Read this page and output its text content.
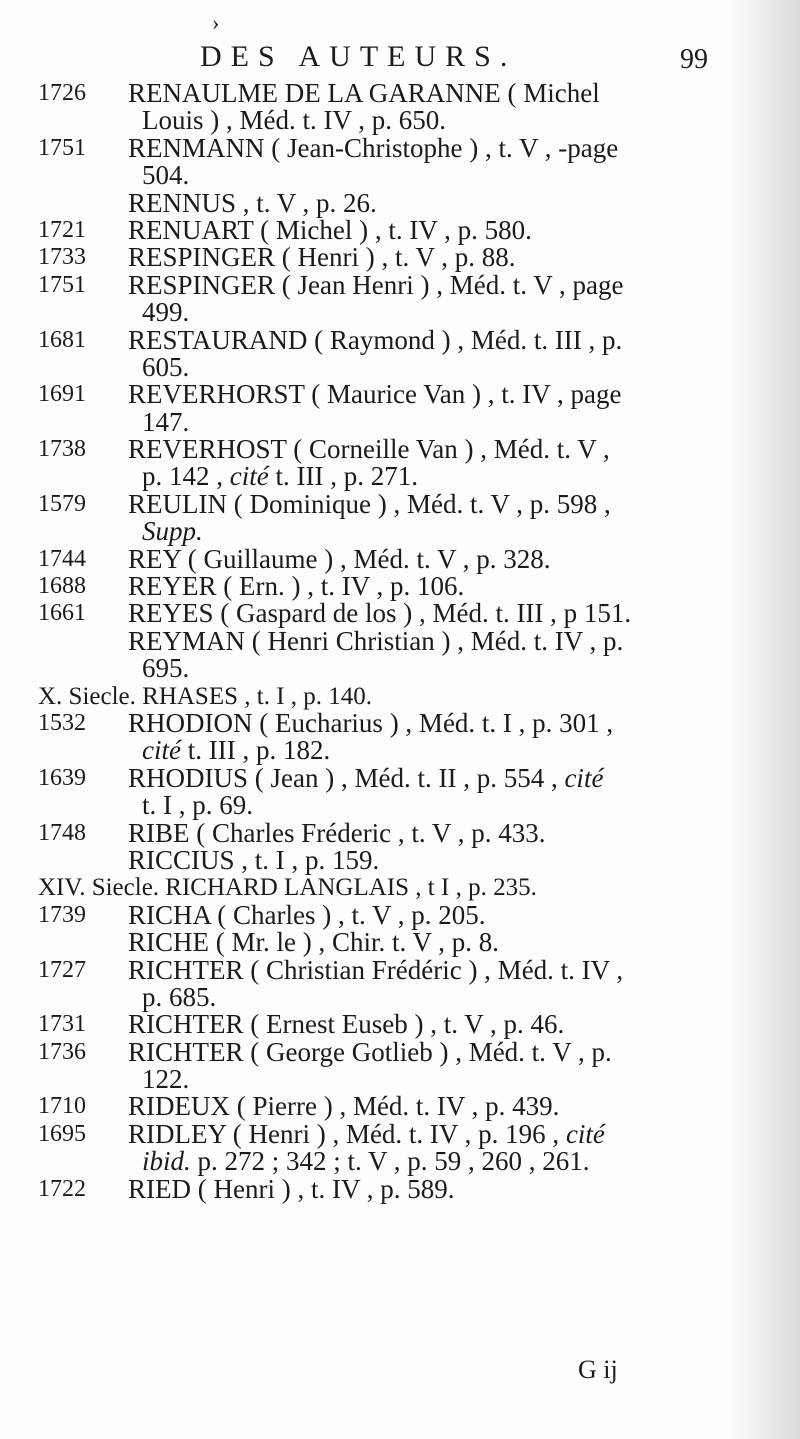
›
DES AUTEURS.	99
1726	RENAULME DE LA GARANNE ( Michel
Louis ) , Méd. t. IV , p. 650.
1751	RENMANN ( Jean-Christophe ) , t. V , -page
504.
RENNUS , t. V , p. 26.
1721	RENUART ( Michel ) , t. IV , p. 580.
1733	RESPINGER ( Henri ) , t. V , p. 88.
1751	RESPINGER ( Jean Henri ) , Méd. t. V , page
499.
1681	RESTAURAND ( Raymond ) , Méd. t. III , p.
605.
1691	REVERHORST ( Maurice Van ) , t. IV , page
147.
1738	REVERHOST ( Corneille Van ) , Méd. t. V ,
p. 142 , cité t. III , p. 271.
1579	REULIN ( Dominique ) , Méd. t. V , p. 598 ,
Supp.
1744	REY ( Guillaume ) , Méd. t. V , p. 328.
1688	REYER ( Ern. ) , t. IV , p. 106.
1661	REYES ( Gaspard de los ) , Méd. t. III , p 151.
REYMAN ( Henri Christian ) , Méd. t. IV , p.
695.
X. Siecle. RHASES , t. I , p. 140.
1532	RHODION ( Eucharius ) , Méd. t. I , p. 301 ,
cité t. III , p. 182.
1639	RHODIUS ( Jean ) , Méd. t. II , p. 554 , cité
t. I , p. 69.
1748	RIBE ( Charles Fréderic , t. V , p. 433.
RICCIUS , t. I , p. 159.
XIV. Siecle. RICHARD LANGLAIS , t I , p. 235.
1739	RICHA ( Charles ) , t. V , p. 205.
RICHE ( Mr. le ) , Chir. t. V , p. 8.
1727	RICHTER ( Christian Frédéric ) , Méd. t. IV ,
p. 685.
1731	RICHTER ( Ernest Euseb ) , t. V , p. 46.
1736	RICHTER ( George Gotlieb ) , Méd. t. V , p.
122.
1710	RIDEUX ( Pierre ) , Méd. t. IV , p. 439.
1695	RIDLEY ( Henri ) , Méd. t. IV , p. 196 , cité
ibid. p. 272 ; 342 ; t. V , p. 59 , 260 , 261.
1722	RIED ( Henri ) , t. IV , p. 589.
G ij
